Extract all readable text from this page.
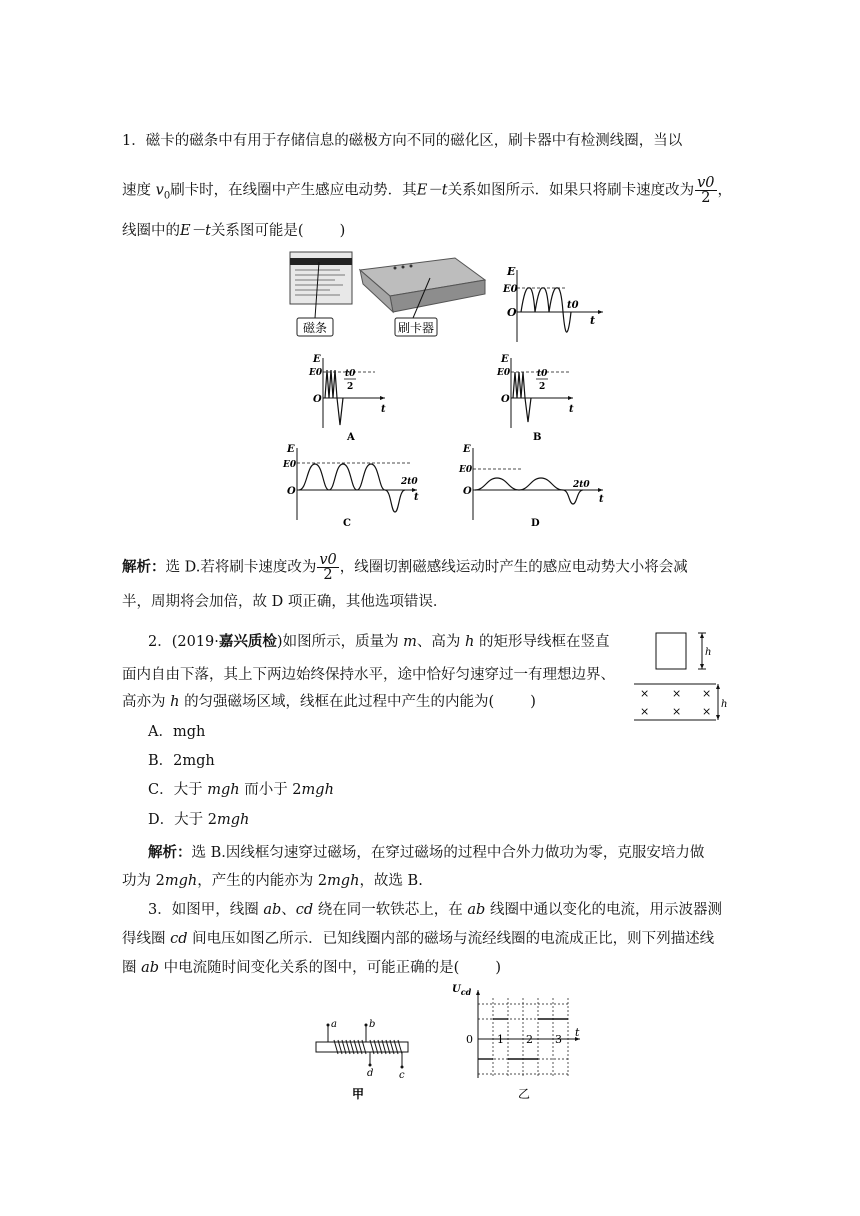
1．磁卡的磁条中有用于存储信息的磁极方向不同的磁化区，刷卡器中有检测线圈，当以
速度 $v_0$刷卡时，在线圈中产生感应电动势．其E－t关系如图所示．如果只将刷卡速度改为 $\frac{v0}{2}$ ，
线圈中的E－t关系图可能是( )
磁条	刷卡器
E
E0
O
t0
t
E
E0
O
t0
2
t
A
E
E0
O
t0
2
t
B
E
E0
O
2t0
t
C
E
E0
O
2t0
t
D
解析：选 D.若将刷卡速度改为 $\frac{v0}{2}$ ，线圈切割磁感线运动时产生的感应电动势大小将会减
半，周期将会加倍，故 D 项正确，其他选项错误．
2．(2019·嘉兴质检)如图所示，质量为 m、高为 h 的矩形导线框在竖直
面内自由下落，其上下两边始终保持水平，途中恰好匀速穿过一有理想边界、
高亦为 h 的匀强磁场区域，线框在此过程中产生的内能为( )
A．mgh
B．2mgh
C．大于 mgh 而小于 2mgh
D．大于 2mgh
h
× × ×
× × ×
h
解析：选 B.因线框匀速穿过磁场，在穿过磁场的过程中合外力做功为零，克服安培力做
功为 2mgh，产生的内能亦为 2mgh，故选 B.
3．如图甲，线圈 ab、cd 绕在同一软铁芯上，在 ab 线圈中通以变化的电流，用示波器测
得线圈 cd 间电压如图乙所示．已知线圈内部的磁场与流经线圈的电流成正比，则下列描述线
圈 ab 中电流随时间变化关系的图中，可能正确的是( )
a	b
d	c
甲
$U_{cd}$
0 1 2 3
t
乙
